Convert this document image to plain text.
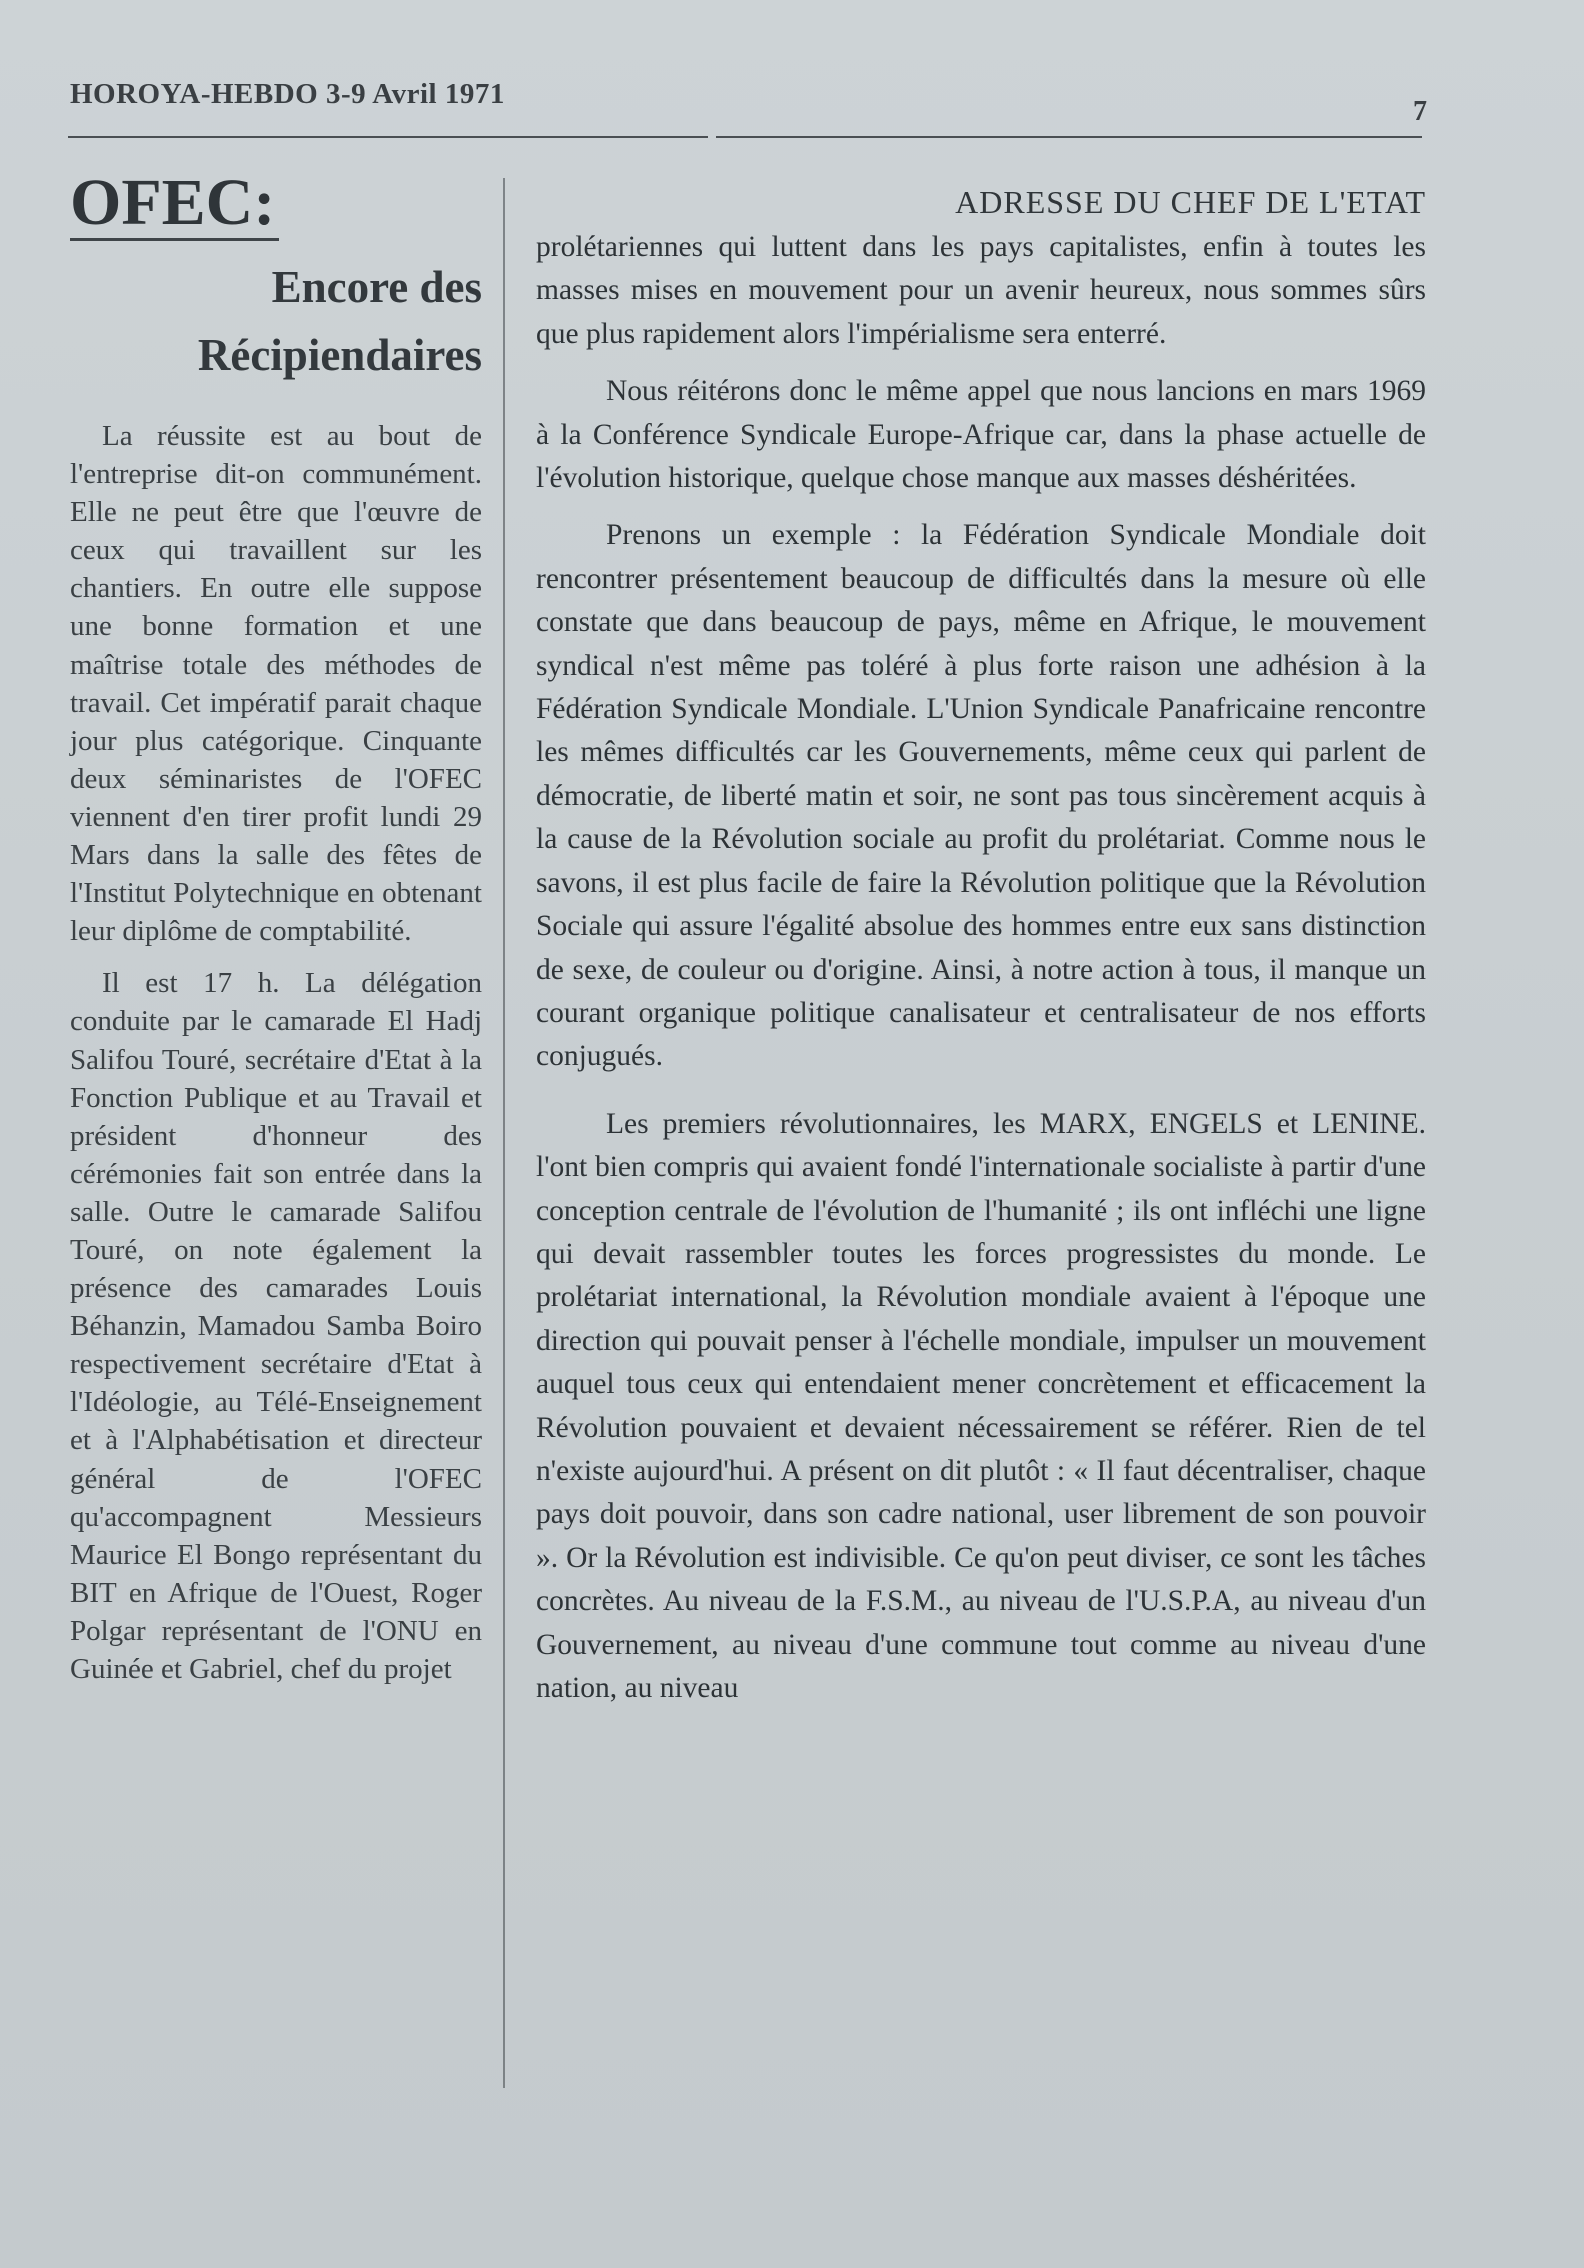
HOROYA-HEBDO 3-9 Avril 1971
7
OFEC:
Encore des
Récipiendaires

La réussite est au bout de l'entreprise dit-on communément. Elle ne peut être que l'œuvre de ceux qui travaillent sur les chantiers. En outre elle suppose une bonne formation et une maîtrise totale des méthodes de travail. Cet impératif parait chaque jour plus catégorique. Cinquante deux séminaristes de l'OFEC viennent d'en tirer profit lundi 29 Mars dans la salle des fêtes de l'Institut Polytechnique en obtenant leur diplôme de comptabilité.

Il est 17 h. La délégation conduite par le camarade El Hadj Salifou Touré, secrétaire d'Etat à la Fonction Publique et au Travail et président d'honneur des cérémonies fait son entrée dans la salle. Outre le camarade Salifou Touré, on note également la présence des camarades Louis Béhanzin, Mamadou Samba Boiro respectivement secrétaire d'Etat à l'Idéologie, au Télé-Enseignement et à l'Alphabétisation et directeur général de l'OFEC qu'accompagnent Messieurs Maurice El Bongo représentant du BIT en Afrique de l'Ouest, Roger Polgar représentant de l'ONU en Guinée et Gabriel, chef du projet

ADRESSE DU CHEF DE L'ETAT

prolétariennes qui luttent dans les pays capitalistes, enfin à toutes les masses mises en mouvement pour un avenir heureux, nous sommes sûrs que plus rapidement alors l'impérialisme sera enterré.

Nous réitérons donc le même appel que nous lancions en mars 1969 à la Conférence Syndicale Europe-Afrique car, dans la phase actuelle de l'évolution historique, quelque chose manque aux masses déshéritées.

Prenons un exemple : la Fédération Syndicale Mondiale doit rencontrer présentement beaucoup de difficultés dans la mesure où elle constate que dans beaucoup de pays, même en Afrique, le mouvement syndical n'est même pas toléré à plus forte raison une adhésion à la Fédération Syndicale Mondiale. L'Union Syndicale Panafricaine rencontre les mêmes difficultés car les Gouvernements, même ceux qui parlent de démocratie, de liberté matin et soir, ne sont pas tous sincèrement acquis à la cause de la Révolution sociale au profit du prolétariat. Comme nous le savons, il est plus facile de faire la Révolution politique que la Révolution Sociale qui assure l'égalité absolue des hommes entre eux sans distinction de sexe, de couleur ou d'origine. Ainsi, à notre action à tous, il manque un courant organique politique canalisateur et centralisateur de nos efforts conjugués.

Les premiers révolutionnaires, les MARX, ENGELS et LENINE. l'ont bien compris qui avaient fondé l'internationale socialiste à partir d'une conception centrale de l'évolution de l'humanité ; ils ont infléchi une ligne qui devait rassembler toutes les forces progressistes du monde. Le prolétariat international, la Révolution mondiale avaient à l'époque une direction qui pouvait penser à l'échelle mondiale, impulser un mouvement auquel tous ceux qui entendaient mener concrètement et efficacement la Révolution pouvaient et devaient nécessairement se référer. Rien de tel n'existe aujourd'hui. A présent on dit plutôt : « Il faut décentraliser, chaque pays doit pouvoir, dans son cadre national, user librement de son pouvoir ». Or la Révolution est indivisible. Ce qu'on peut diviser, ce sont les tâches concrètes. Au niveau de la F.S.M., au niveau de l'U.S.P.A, au niveau d'un Gouvernement, au niveau d'une commune tout comme au niveau d'une nation, au niveau
